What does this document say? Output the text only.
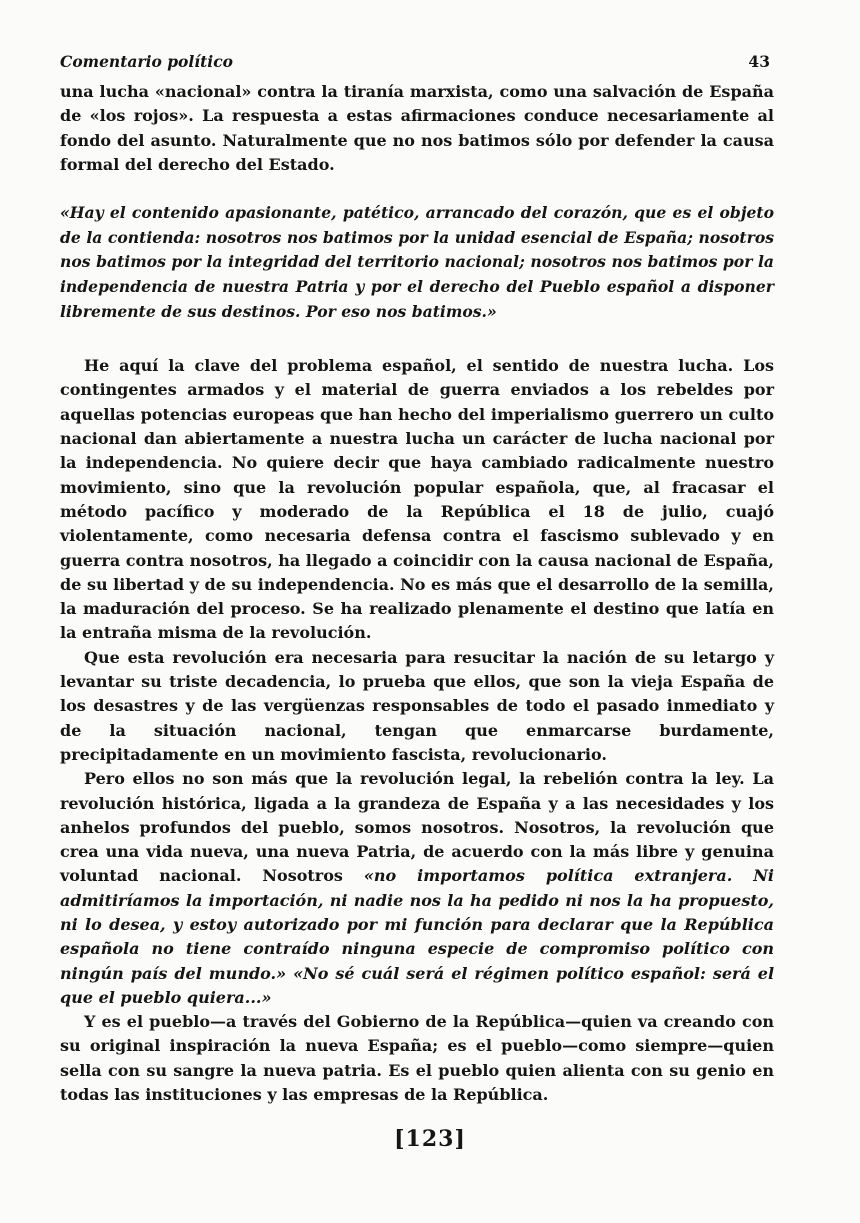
Comentario político	43

una lucha «nacional» contra la tiranía marxista, como una salvación de España de «los rojos». La respuesta a estas afirmaciones conduce necesariamente al fondo del asunto. Naturalmente que no nos batimos sólo por defender la causa formal del derecho del Estado.

«Hay el contenido apasionante, patético, arrancado del corazón, que es el objeto de la contienda: nosotros nos batimos por la unidad esencial de España; nosotros nos batimos por la integridad del territorio nacional; nosotros nos batimos por la independencia de nuestra Patria y por el derecho del Pueblo español a disponer libremente de sus destinos. Por eso nos batimos.»

He aquí la clave del problema español, el sentido de nuestra lucha. Los contingentes armados y el material de guerra enviados a los rebeldes por aquellas potencias europeas que han hecho del imperialismo guerrero un culto nacional dan abiertamente a nuestra lucha un carácter de lucha nacional por la independencia. No quiere decir que haya cambiado radicalmente nuestro movimiento, sino que la revolución popular española, que, al fracasar el método pacífico y moderado de la República el 18 de julio, cuajó violentamente, como necesaria defensa contra el fascismo sublevado y en guerra contra nosotros, ha llegado a coincidir con la causa nacional de España, de su libertad y de su independencia. No es más que el desarrollo de la semilla, la maduración del proceso. Se ha realizado plenamente el destino que latía en la entraña misma de la revolución.

Que esta revolución era necesaria para resucitar la nación de su letargo y levantar su triste decadencia, lo prueba que ellos, que son la vieja España de los desastres y de las vergüenzas responsables de todo el pasado inmediato y de la situación nacional, tengan que enmarcarse burdamente, precipitadamente en un movimiento fascista, revolucionario.

Pero ellos no son más que la revolución legal, la rebelión contra la ley. La revolución histórica, ligada a la grandeza de España y a las necesidades y los anhelos profundos del pueblo, somos nosotros. Nosotros, la revolución que crea una vida nueva, una nueva Patria, de acuerdo con la más libre y genuina voluntad nacional. Nosotros «no importamos política extranjera. Ni admitiríamos la importación, ni nadie nos la ha pedido ni nos la ha propuesto, ni lo desea, y estoy autorizado por mi función para declarar que la República española no tiene contraído ninguna especie de compromiso político con ningún país del mundo.» «No sé cuál será el régimen político español: será el que el pueblo quiera...»

Y es el pueblo—a través del Gobierno de la República—quien va creando con su original inspiración la nueva España; es el pueblo—como siempre—quien sella con su sangre la nueva patria. Es el pueblo quien alienta con su genio en todas las instituciones y las empresas de la República.

[123]
